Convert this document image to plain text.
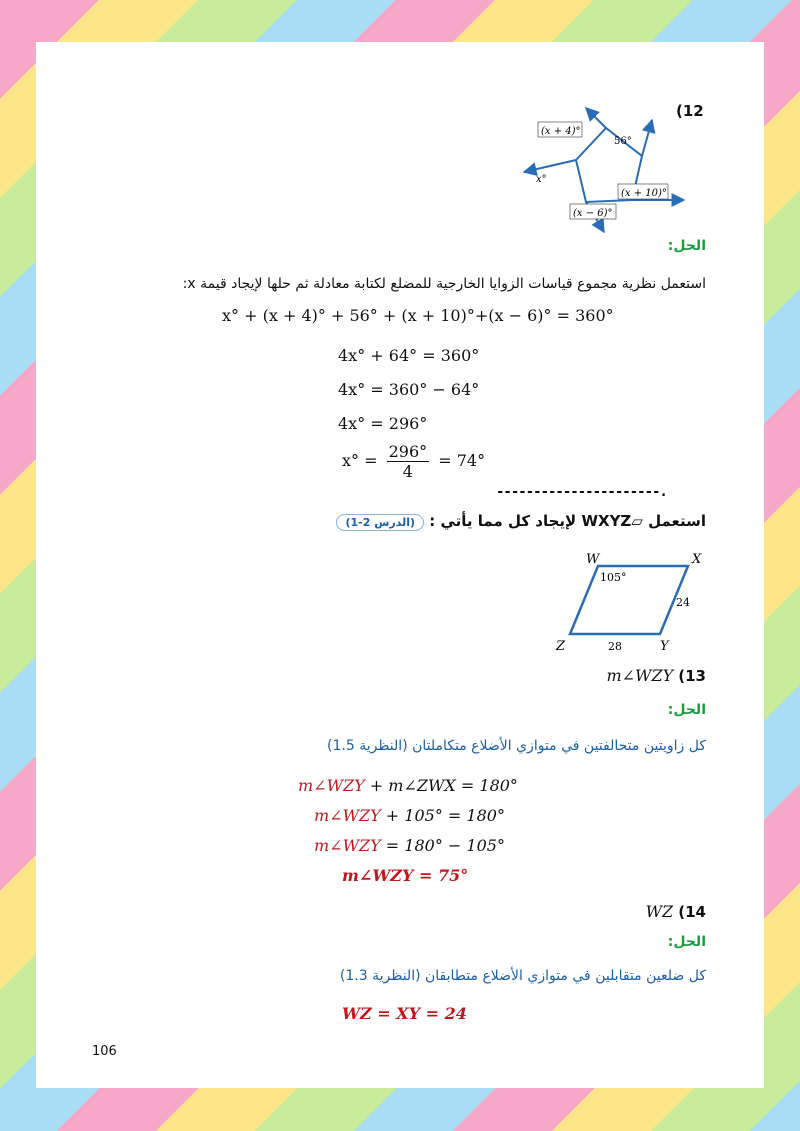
(12
(x + 4)°
56°
x°
(x + 10)°
(x − 6)°
الحل:
استعمل نظرية مجموع قياسات الزوايا الخارجية للمضلع لكتابة معادلة ثم حلها لإيجاد قيمة x:
x° + (x + 4)° + 56° + (x + 10)°+(x − 6)° = 360°
4x° + 64° = 360°
4x° = 360° − 64°
4x° = 296°
$x^\circ = \frac{296^\circ}{4} = 74^\circ$
----------------------.
استعمل ▱WXYZ لإيجاد كل مما يأتي : (الدرس 2-1)
W	X
Y
Z
105°
24
28
m∠WZY (13
الحل:
كل زاويتين متحالفتين في متوازي الأضلاع متكاملتان (النظرية 1.5)
m∠WZY + m∠ZWX = 180°
m∠WZY + 105° = 180°
m∠WZY = 180° − 105°
m∠WZY = 75°
WZ (14
الحل:
كل ضلعين متقابلين في متوازي الأضلاع متطابقان (النظرية 1.3)
WZ = XY = 24
106
